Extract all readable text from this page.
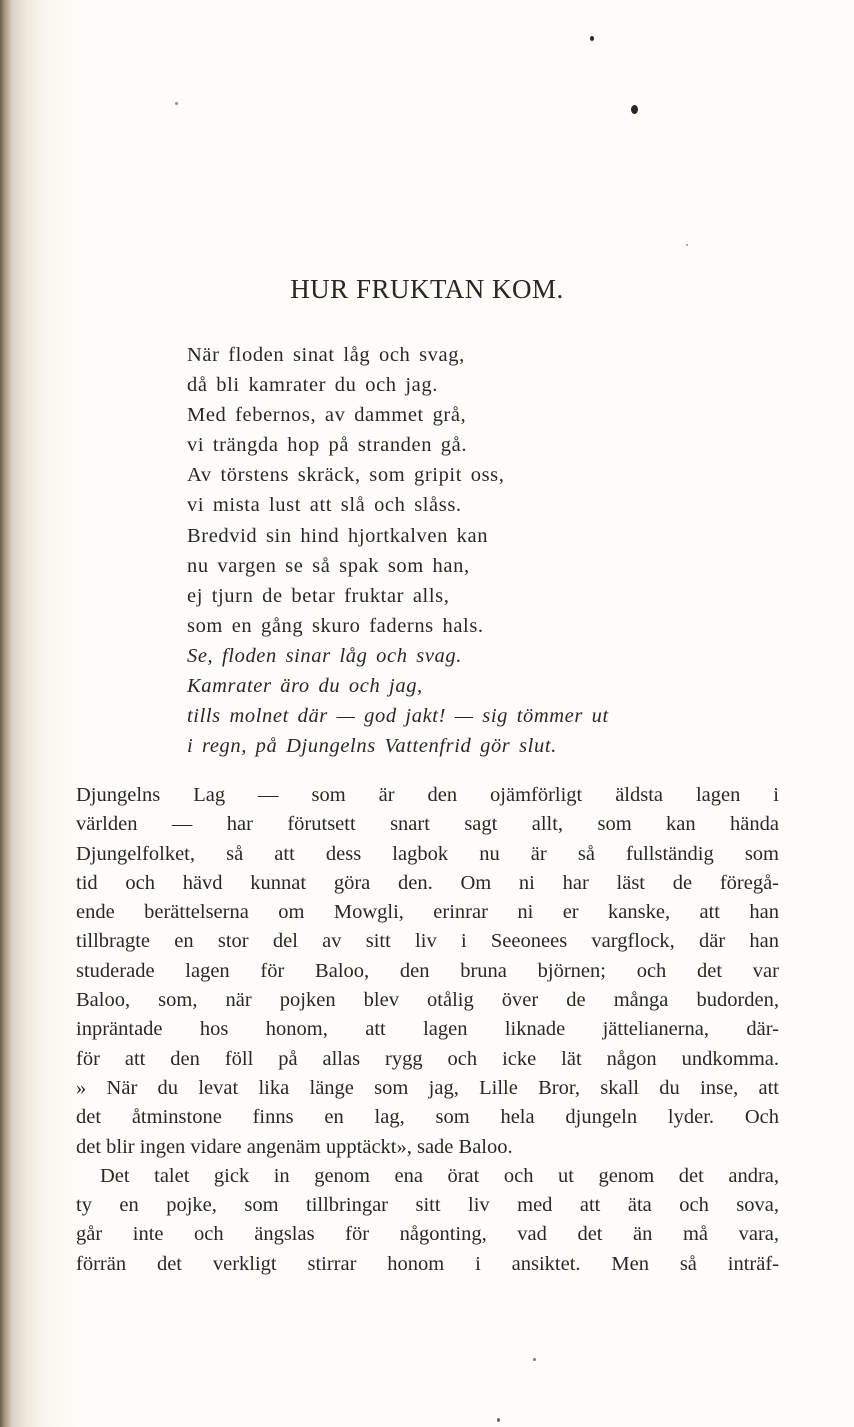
HUR FRUKTAN KOM.
När floden sinat låg och svag,
då bli kamrater du och jag.
Med febernos, av dammet grå,
vi trängda hop på stranden gå.
Av törstens skräck, som gripit oss,
vi mista lust att slå och slåss.
Bredvid sin hind hjortkalven kan
nu vargen se så spak som han,
ej tjurn de betar fruktar alls,
som en gång skuro faderns hals.
Se, floden sinar låg och svag.
Kamrater äro du och jag,
tills molnet där — god jakt! — sig tömmer ut
i regn, på Djungelns Vattenfrid gör slut.
Djungelns Lag — som är den ojämförligt äldsta lagen i
världen — har förutsett snart sagt allt, som kan hända
Djungelfolket, så att dess lagbok nu är så fullständig som
tid och hävd kunnat göra den. Om ni har läst de föregå-
ende berättelserna om Mowgli, erinrar ni er kanske, att han
tillbragte en stor del av sitt liv i Seeonees vargflock, där han
studerade lagen för Baloo, den bruna björnen; och det var
Baloo, som, när pojken blev otålig över de många budorden,
inpräntade hos honom, att lagen liknade jättelianerna, där-
för att den föll på allas rygg och icke lät någon undkomma.
» När du levat lika länge som jag, Lille Bror, skall du inse, att
det åtminstone finns en lag, som hela djungeln lyder. Och
det blir ingen vidare angenäm upptäckt», sade Baloo.
Det talet gick in genom ena örat och ut genom det andra,
ty en pojke, som tillbringar sitt liv med att äta och sova,
går inte och ängslas för någonting, vad det än må vara,
förrän det verkligt stirrar honom i ansiktet. Men så inträf-
